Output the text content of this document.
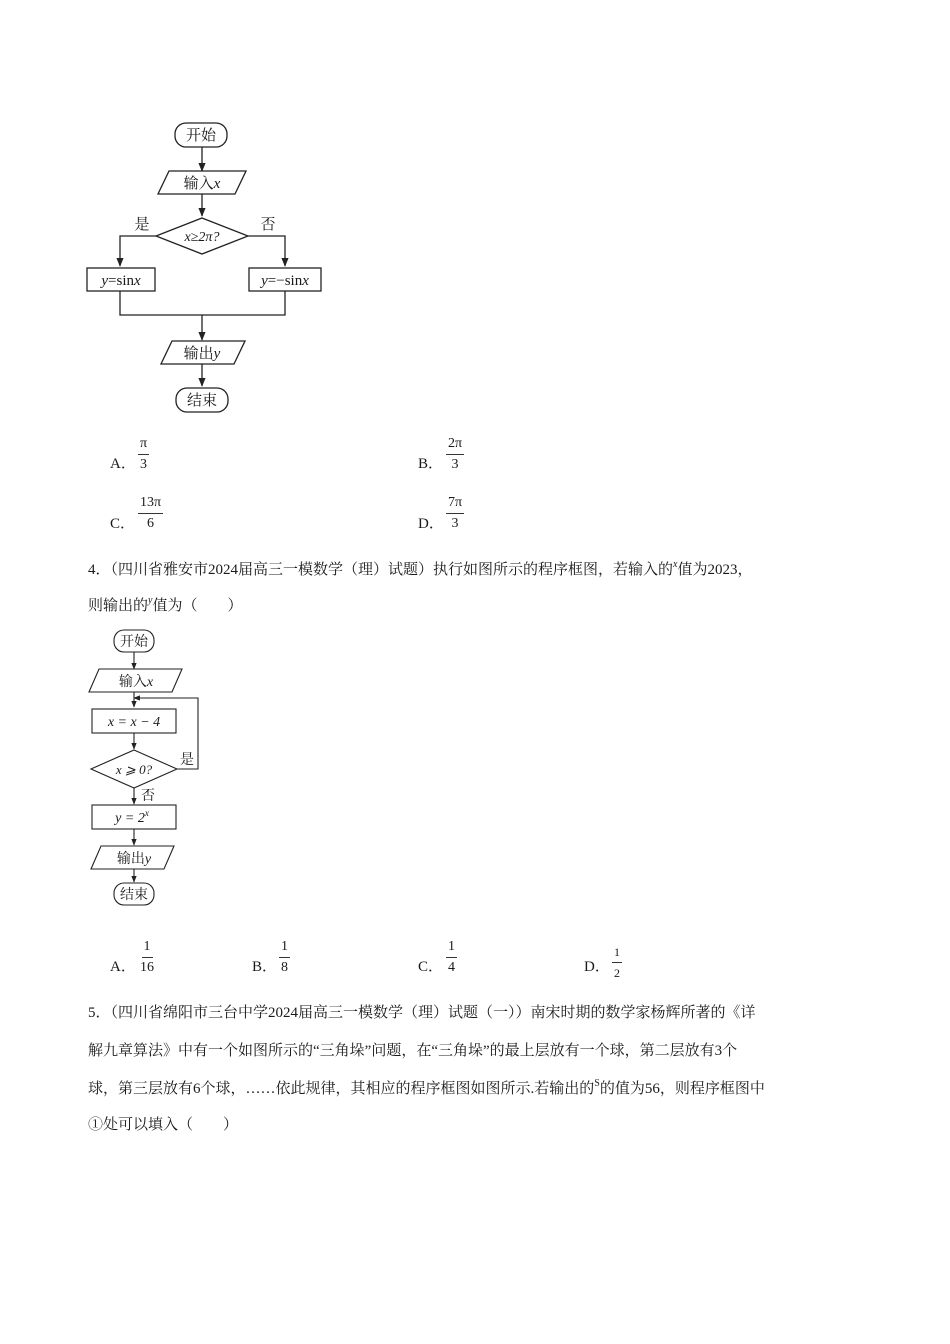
开始
输入x
x≥2π?
是	否
y=sinx	y=−sinx
输出y
结束
A． $\frac{\pi}{3}$	B． $\frac{2\pi}{3}$
C． $\frac{13\pi}{6}$	D． $\frac{7\pi}{3}$
4．（四川省雅安市2024届高三一模数学（理）试题）执行如图所示的程序框图，若输入的$^x$值为2023，
则输出的$^y$值为（　　）
开始
输入x
x = x − 4
x ⩾ 0?
是
否
$y = 2^x$
输出y
结束
A． $\frac{1}{16}$	B． $\frac{1}{8}$	C． $\frac{1}{4}$	D． $\frac{1}{2}$
5．（四川省绵阳市三台中学2024届高三一模数学（理）试题（一））南宋时期的数学家杨辉所著的《详
解九章算法》中有一个如图所示的“三角垛”问题，在“三角垛”的最上层放有一个球，第二层放有3个
球，第三层放有6个球，……依此规律，其相应的程序框图如图所示.若输出的$^S$的值为56，则程序框图中
①处可以填入（　　）
